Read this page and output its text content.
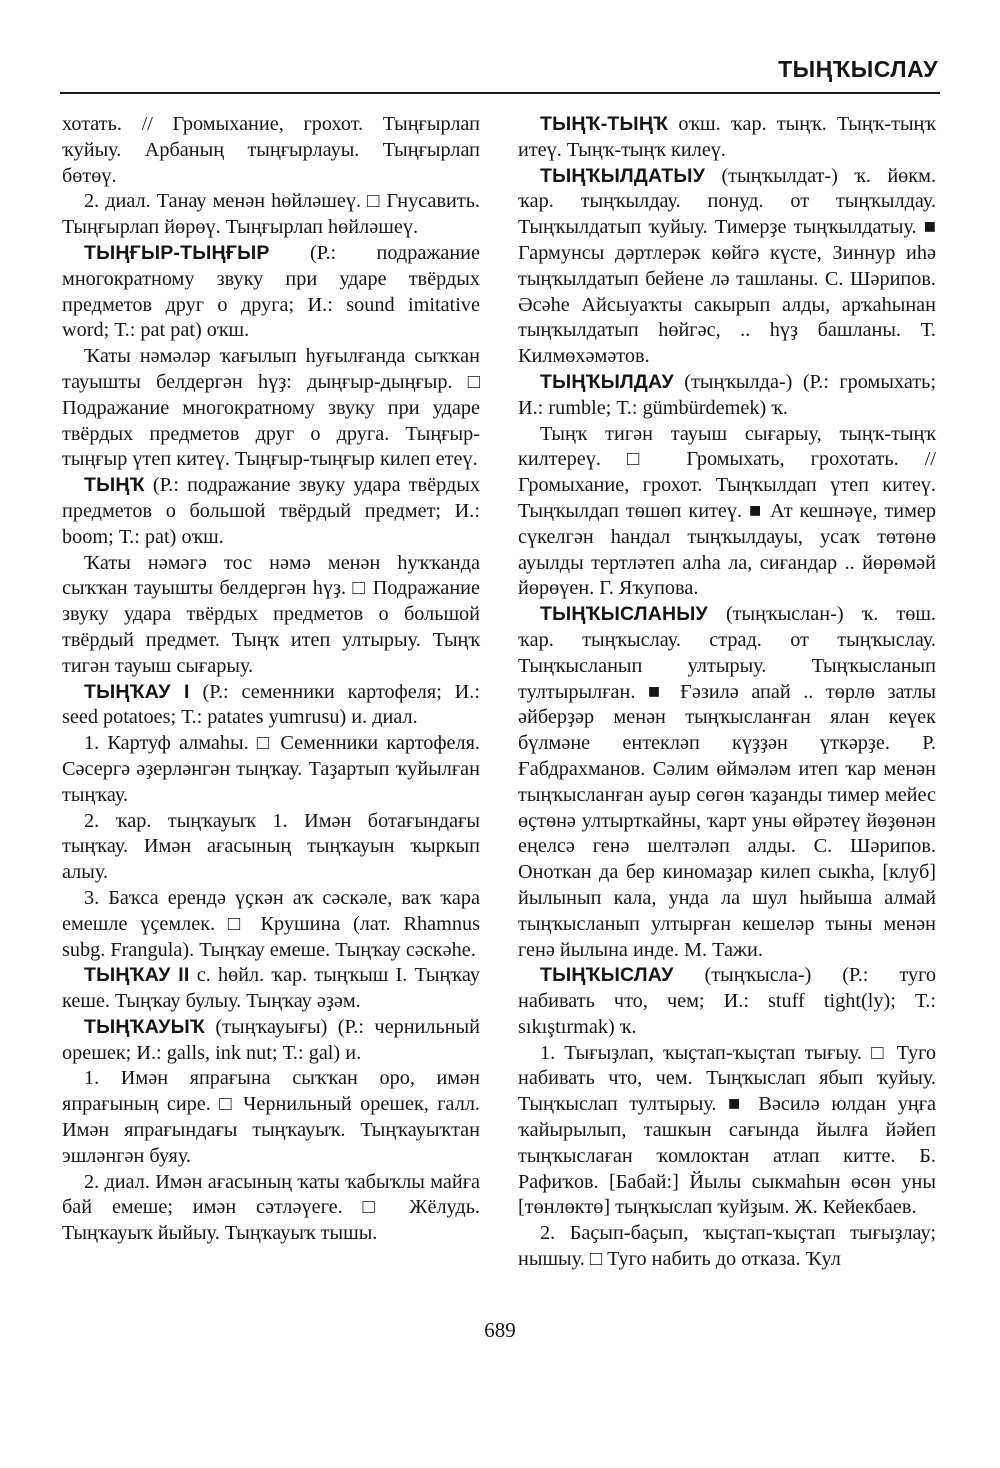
ТЫҢҠЫСЛАУ

хотать. // Громыхание, грохот. Тыңғырлап ҡуйыу. Арбаның тыңғырлауы. Тыңғырлап бөтөү.

2. диал. Танау менән һөйләшеү. □ Гнусавить. Тыңғырлап йөрөү. Тыңғырлап һөйләшеү.

ТЫҢҒЫР-ТЫҢҒЫР (Р.: подражание многократному звуку при ударе твёрдых предметов друг о друга; И.: sound imitative word; Т.: pat pat) оҡш.

Ҡаты нәмәләр ҡағылып һуғылғанда сыҡҡан тауышты белдергән һүҙ: дыңғыр-дыңғыр. □ Подражание многократному звуку при ударе твёрдых предметов друг о друга. Тыңғыр-тыңғыр үтеп китеү. Тыңғыр-тыңғыр килеп етеү.

ТЫҢҠ (Р.: подражание звуку удара твёрдых предметов о большой твёрдый предмет; И.: boom; Т.: pat) оҡш.

Ҡаты нәмәгә тос нәмә менән һуҡҡанда сыҡҡан тауышты белдергән һүҙ. □ Подражание звуку удара твёрдых предметов о большой твёрдый предмет. Тыңҡ итеп ултырыу. Тыңҡ тигән тауыш сығарыу.

ТЫҢҠАУ I (Р.: семенники картофеля; И.: seed potatoes; Т.: patates yumrusu) и. диал.

1. Картуф алмаһы. □ Семенники картофеля. Сәсергә әҙерләнгән тыңҡау. Таҙартып ҡуйылған тыңҡау.

2. ҡар. тыңҡауыҡ 1. Имән ботағындағы тыңҡау. Имән ағасының тыңҡауын ҡыркып алыу.

3. Баҡса ерендә үҫкән аҡ сәскәле, ваҡ ҡара емешле үҫемлек. □ Крушина (лат. Rhamnus subg. Frangula). Тыңҡау емеше. Тыңҡау сәскәһе.

ТЫҢҠАУ II с. һөйл. ҡар. тыңҡыш I. Тыңҡау кеше. Тыңҡау булыу. Тыңҡау әҙәм.

ТЫҢҠАУЫҠ (тыңҡауығы) (Р.: чернильный орешек; И.: galls, ink nut; Т.: gal) и.

1. Имән япрағына сыҡҡан оро, имән япрағының сире. □ Чернильный орешек, галл. Имән япрағындағы тыңҡауыҡ. Тыңҡауыҡтан эшләнгән буяу.

2. диал. Имән ағасының ҡаты ҡабыҡлы майға бай емеше; имән сәтләүеге. □ Жёлудь. Тыңҡауыҡ йыйыу. Тыңҡауыҡ тышы.

ТЫҢҠ-ТЫҢҠ оҡш. ҡар. тыңҡ. Тыңҡ-тыңҡ итеү. Тыңҡ-тыңҡ килеү.

ТЫҢҠЫЛДАТЫУ (тыңҡылдат-) ҡ. йөкм. ҡар. тыңҡылдау. понуд. от тыңҡылдау. Тыңҡылдатып ҡуйыу. Тимерҙе тыңҡылдатыу. ■ Гармунсы дәртлерәк көйгә күсте, Зиннур иһә тыңҡылдатып бейене лә ташланы. С. Шәрипов. Әсәһе Айсыуаҡты сакырып алды, арҡаһынан тыңҡылдатып һөйгәс, .. һүҙ башланы. Т. Килмөхәмәтов.

ТЫҢҠЫЛДАУ (тыңҡылда-) (Р.: громыхать; И.: rumble; Т.: gümbürdemek) ҡ.

Тыңҡ тигән тауыш сығарыу, тыңҡ-тыңҡ килтереү. □ Громыхать, грохотать. // Громыхание, грохот. Тыңҡылдап үтеп китеү. Тыңҡылдап төшөп китеү. ■ Ат кешнәүе, тимер сүкелгән һандал тыңҡылдауы, усаҡ төтөнө ауылды тертләтеп алһа ла, сиғандар .. йөрөмәй йөрөүен. Г. Яҡупова.

ТЫҢҠЫСЛАНЫУ (тыңҡыслан-) ҡ. төш. ҡар. тыңҡыслау. страд. от тыңҡыслау. Тыңҡысланып ултырыу. Тыңҡысланып тултырылған. ■ Ғәзилә апай .. төрлө затлы әйберҙәр менән тыңҡысланған ялан кеүек бүлмәне ентекләп күҙҙән үткәрҙе. Р. Ғабдрахманов. Сәлим өймәләм итеп ҡар менән тыңҡысланған ауыр сөгөн ҡаҙанды тимер мейес өҫтөнә ултырткайны, ҡарт уны өйрәтеү йөҙөнән еңелсә генә шелтәләп алды. С. Шәрипов. Оноткан да бер киномаҙар килеп сыкһа, [клуб] йылынып кала, унда ла шул һыйыша алмай тыңҡысланып ултырған кешеләр тыны менән генә йылына инде. М. Тажи.

ТЫҢҠЫСЛАУ (тыңҡысла-) (Р.: туго набивать что, чем; И.: stuff tight(ly); Т.: sıkıştırmak) ҡ.

1. Тығыҙлап, ҡыҫтап-ҡыҫтап тығыу. □ Туго набивать что, чем. Тыңҡыслап ябып ҡуйыу. Тыңҡыслап тултырыу. ■ Вәсилә юлдан уңға ҡайырылып, ташкын сағында йылға йәйеп тыңҡыслаған ҡомлоктан атлап китте. Б. Рафиҡов. [Бабай:] Йылы сыкмаһын өсөн уны [төнлөктө] тыңҡыслап ҡуйҙым. Ж. Кейекбаев.

2. Баҫып-баҫып, ҡыҫтап-ҡыҫтап тығыҙлау; нышыу. □ Туго набить до отказа. Ҡул

689
